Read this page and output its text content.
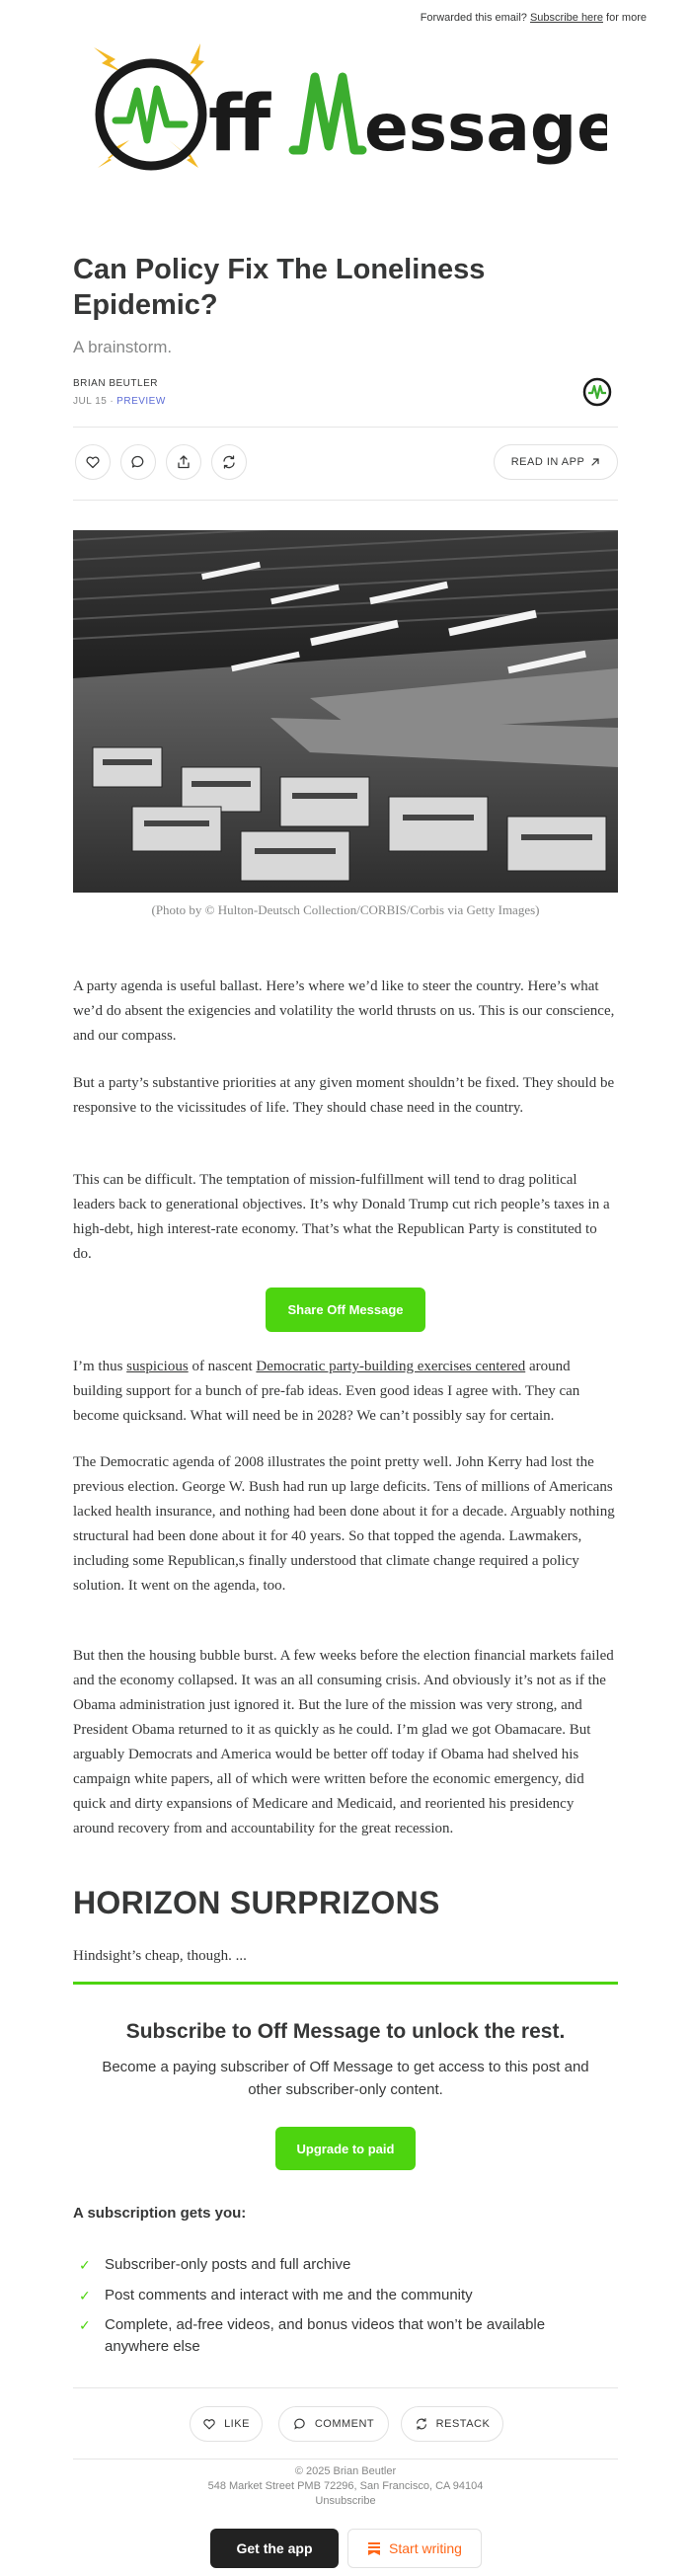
Forwarded this email? Subscribe here for more
ff essage
Can Policy Fix The Loneliness Epidemic?
A brainstorm.
BRIAN BEUTLER
JUL 15 ∙ PREVIEW
READ IN APP
(Photo by © Hulton-Deutsch Collection/CORBIS/Corbis via Getty Images)
A party agenda is useful ballast. Here’s where we’d like to steer the country. Here’s what we’d do absent the exigencies and volatility the world thrusts on us. This is our conscience, and our compass.
But a party’s substantive priorities at any given moment shouldn’t be fixed. They should be responsive to the vicissitudes of life. They should chase need in the country.
This can be difficult. The temptation of mission-fulfillment will tend to drag political leaders back to generational objectives. It’s why Donald Trump cut rich people’s taxes in a high-debt, high interest-rate economy. That’s what the Republican Party is constituted to do.
Share Off Message
I’m thus suspicious of nascent Democratic party-building exercises centered around building support for a bunch of pre-fab ideas. Even good ideas I agree with. They can become quicksand. What will need be in 2028? We can’t possibly say for certain.
The Democratic agenda of 2008 illustrates the point pretty well. John Kerry had lost the previous election. George W. Bush had run up large deficits. Tens of millions of Americans lacked health insurance, and nothing had been done about it for a decade. Arguably nothing structural had been done about it for 40 years. So that topped the agenda. Lawmakers, including some Republican,s finally understood that climate change required a policy solution. It went on the agenda, too.
But then the housing bubble burst. A few weeks before the election financial markets failed and the economy collapsed. It was an all consuming crisis. And obviously it’s not as if the Obama administration just ignored it. But the lure of the mission was very strong, and President Obama returned to it as quickly as he could. I’m glad we got Obamacare. But arguably Democrats and America would be better off today if Obama had shelved his campaign white papers, all of which were written before the economic emergency, did quick and dirty expansions of Medicare and Medicaid, and reoriented his presidency around recovery from and accountability for the great recession.
HORIZON SURPRIZONS
Hindsight’s cheap, though. ...
Subscribe to Off Message to unlock the rest.
Become a paying subscriber of Off Message to get access to this post and other subscriber-only content.
Upgrade to paid
A subscription gets you:
✓ Subscriber-only posts and full archive
✓ Post comments and interact with me and the community
✓ Complete, ad-free videos, and bonus videos that won’t be available anywhere else
LIKE	COMMENT	RESTACK
© 2025 Brian Beutler
548 Market Street PMB 72296, San Francisco, CA 94104
Unsubscribe
Get the app	Start writing
